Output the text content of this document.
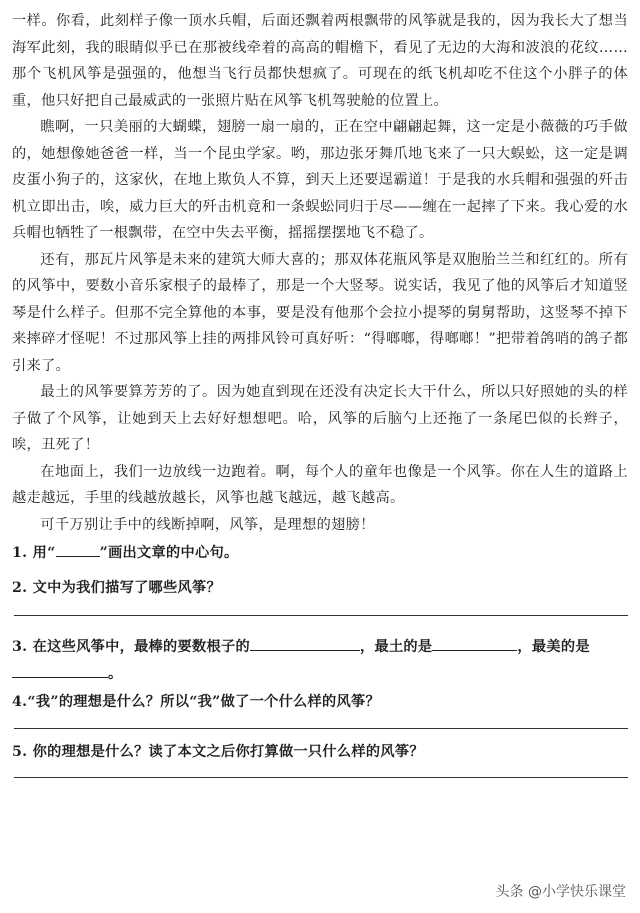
一样。你看，此刻样子像一顶水兵帽，后面还飘着两根飘带的风筝就是我的，因为我长大了想当海军此刻，我的眼睛似乎已在那被线牵着的高高的帽檐下，看见了无边的大海和波浪的花纹……那个飞机风筝是强强的，他想当飞行员都快想疯了。可现在的纸飞机却吃不住这个小胖子的体重，他只好把自己最威武的一张照片贴在风筝飞机驾驶舱的位置上。

瞧啊，一只美丽的大蝴蝶，翅膀一扇一扇的，正在空中翩翩起舞，这一定是小薇薇的巧手做的，她想像她爸爸一样，当一个昆虫学家。哟，那边张牙舞爪地飞来了一只大蜈蚣，这一定是调皮蛋小狗子的，这家伙，在地上欺负人不算，到天上还要逞霸道！于是我的水兵帽和强强的歼击机立即出击，唉，威力巨大的歼击机竟和一条蜈蚣同归于尽——缠在一起摔了下来。我心爱的水兵帽也牺牲了一根飘带，在空中失去平衡，摇摇摆摆地飞不稳了。

还有，那瓦片风筝是未来的建筑大师大喜的；那双体花瓶风筝是双胞胎兰兰和红红的。所有的风筝中，要数小音乐家根子的最棒了，那是一个大竖琴。说实话，我见了他的风筝后才知道竖琴是什么样子。但那不完全算他的本事，要是没有他那个会拉小提琴的舅舅帮助，这竖琴不掉下来摔碎才怪呢！不过那风筝上挂的两排风铃可真好听：“得啷啷，得啷啷！”把带着鸽哨的鸽子都引来了。

最土的风筝要算芳芳的了。因为她直到现在还没有决定长大干什么，所以只好照她的头的样子做了个风筝，让她到天上去好好想想吧。哈，风筝的后脑勺上还拖了一条尾巴似的长辫子，唉，丑死了！

在地面上，我们一边放线一边跑着。啊，每个人的童年也像是一个风筝。你在人生的道路上越走越远，手里的线越放越长，风筝也越飞越远，越飞越高。

可千万别让手中的线断掉啊，风筝，是理想的翅膀！

1. 用“	”画出文章的中心句。

2. 文中为我们描写了哪些风筝？

3. 在这些风筝中，最棒的要数根子的	，最土的是	，最美的是。

4.“我”的理想是什么？所以“我”做了一个什么样的风筝？

5. 你的理想是什么？读了本文之后你打算做一只什么样的风筝？

头条 @小学快乐课堂
